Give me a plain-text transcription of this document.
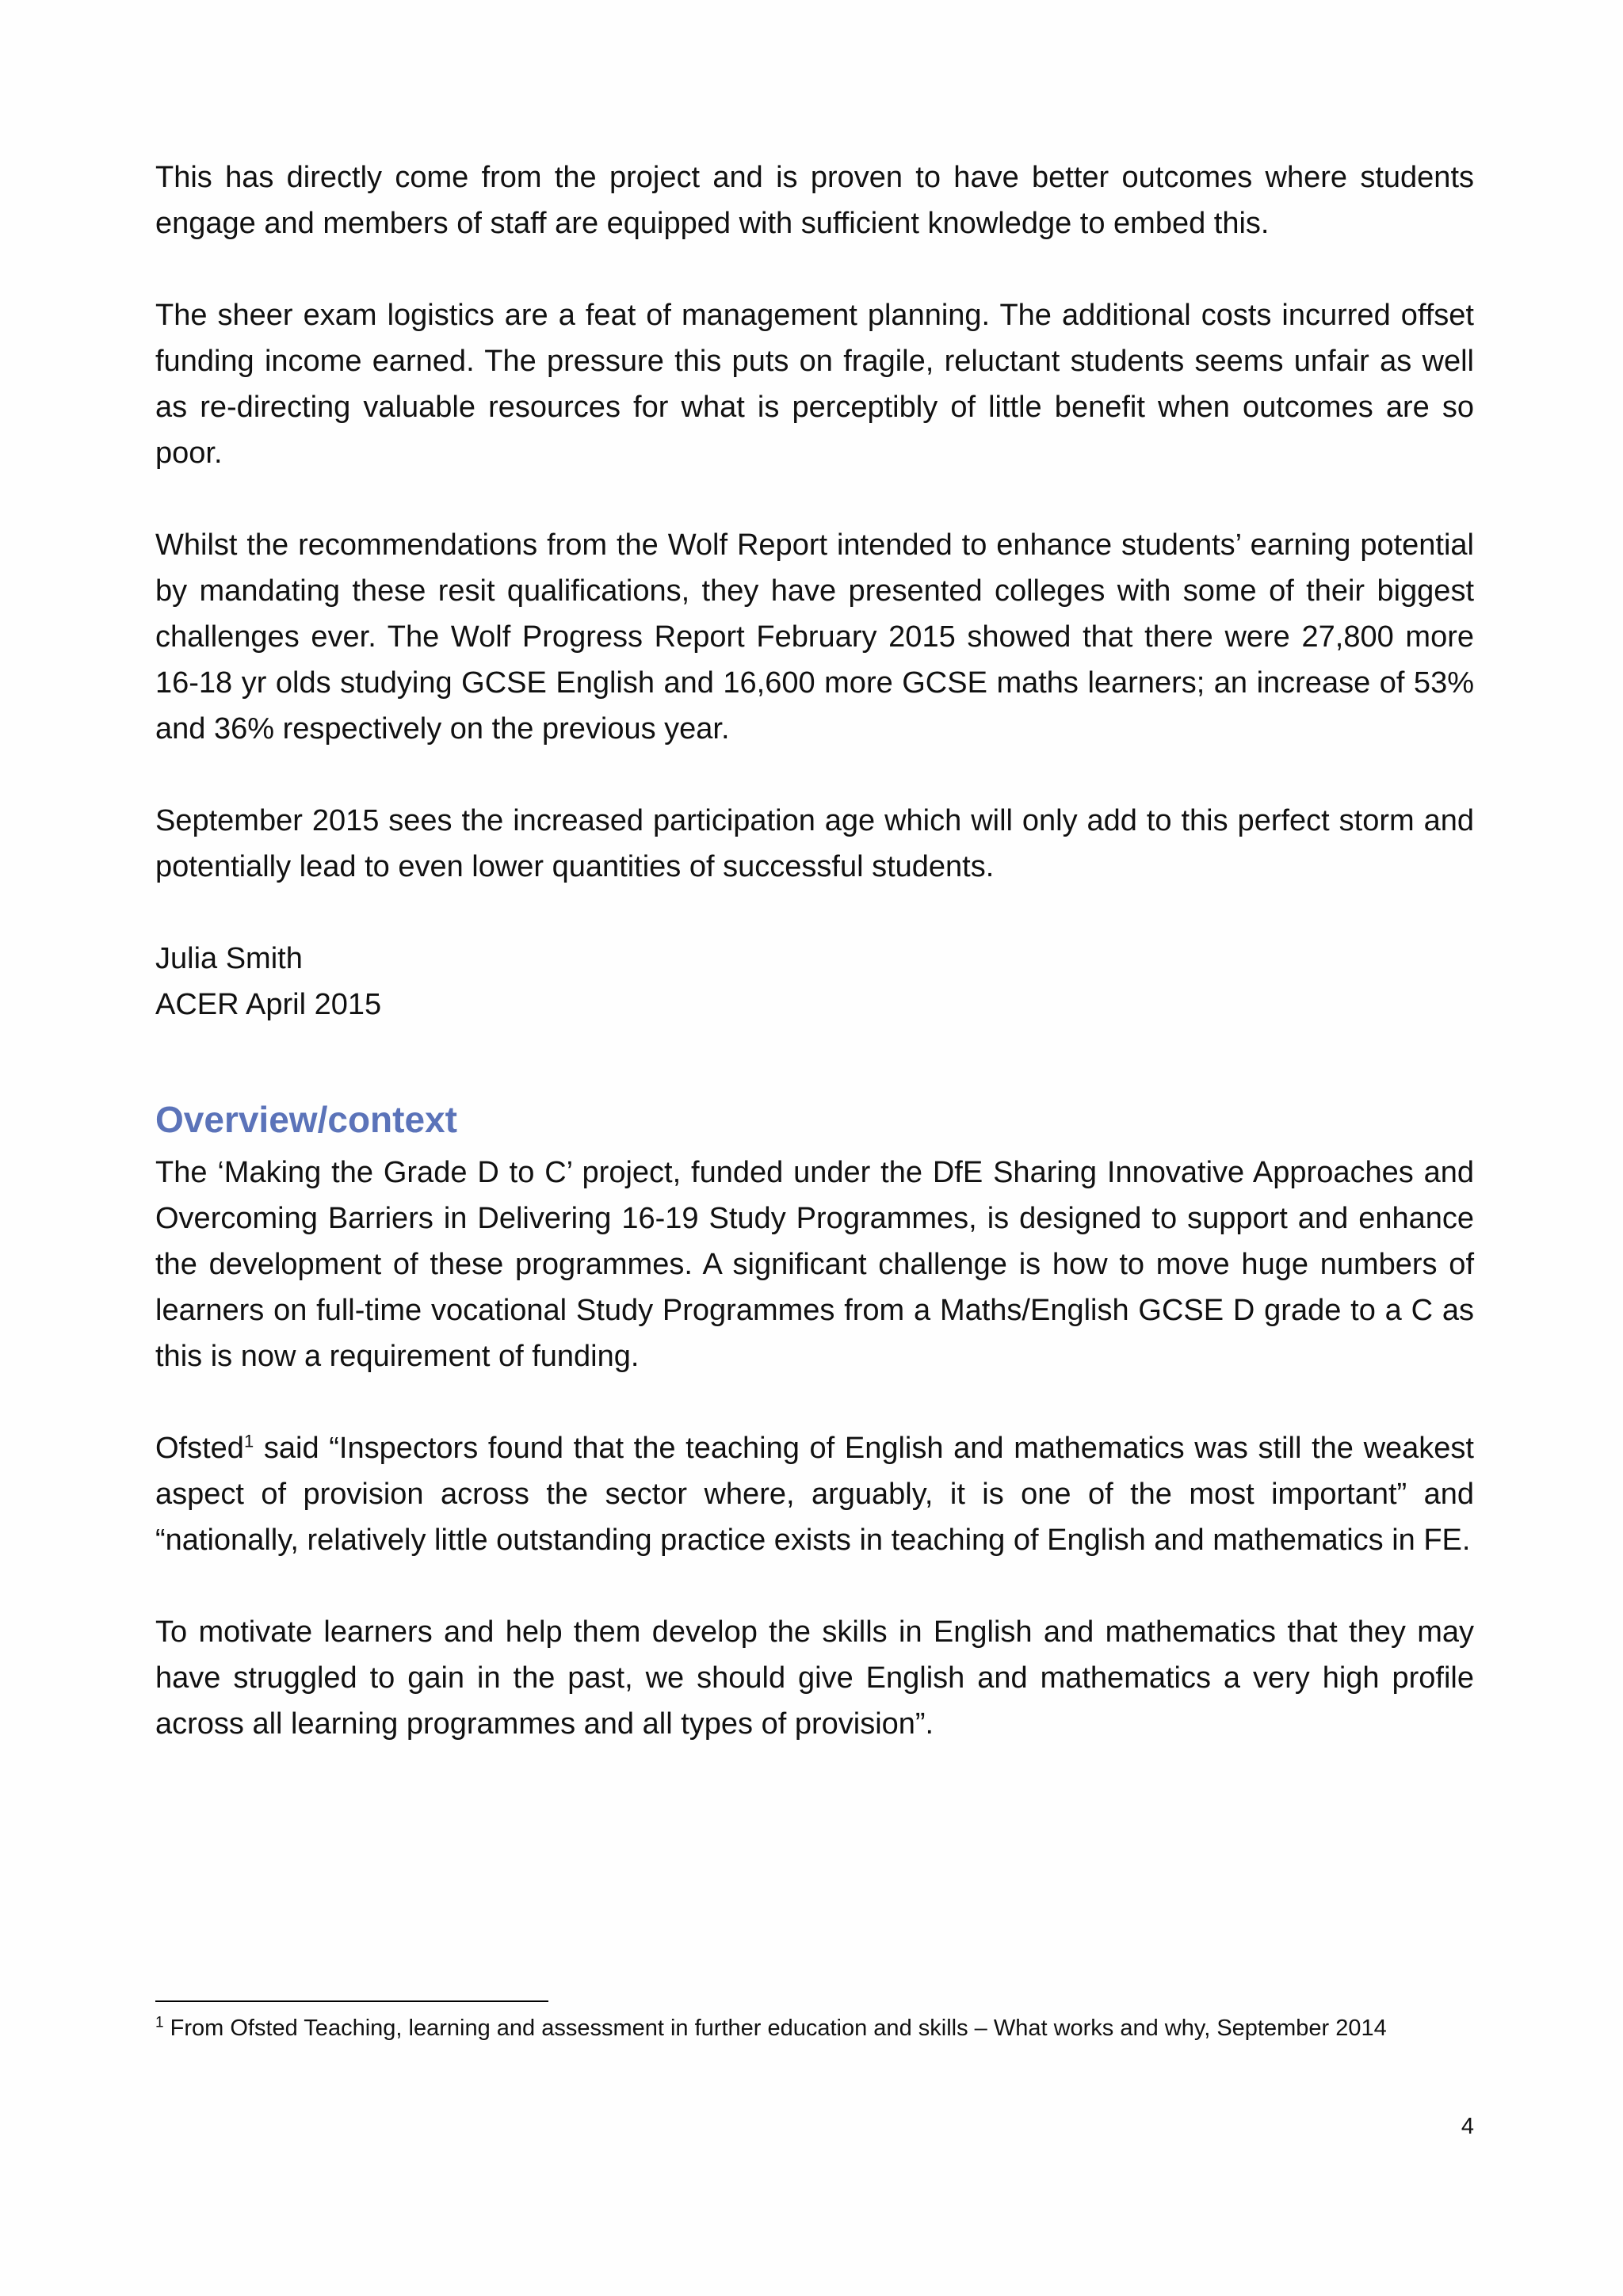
This has directly come from the project and is proven to have better outcomes where students engage and members of staff are equipped with sufficient knowledge to embed this.

The sheer exam logistics are a feat of management planning. The additional costs incurred offset funding income earned. The pressure this puts on fragile, reluctant students seems unfair as well as re-directing valuable resources for what is perceptibly of little benefit when outcomes are so poor.

Whilst the recommendations from the Wolf Report intended to enhance students’ earning potential by mandating these resit qualifications, they have presented colleges with some of their biggest challenges ever. The Wolf Progress Report February 2015 showed that there were 27,800 more 16-18 yr olds studying GCSE English and 16,600 more GCSE maths learners; an increase of 53% and 36% respectively on the previous year.

September 2015 sees the increased participation age which will only add to this perfect storm and potentially lead to even lower quantities of successful students.

Julia Smith

ACER April 2015

Overview/context

The ‘Making the Grade D to C’ project, funded under the DfE Sharing Innovative Approaches and Overcoming Barriers in Delivering 16-19 Study Programmes, is designed to support and enhance the development of these programmes. A significant challenge is how to move huge numbers of learners on full-time vocational Study Programmes from a Maths/English GCSE D grade to a C as this is now a requirement of funding.

Ofsted$^1$ said “Inspectors found that the teaching of English and mathematics was still the weakest aspect of provision across the sector where, arguably, it is one of the most important” and “nationally, relatively little outstanding practice exists in teaching of English and mathematics in FE.

To motivate learners and help them develop the skills in English and mathematics that they may have struggled to gain in the past, we should give English and mathematics a very high profile across all learning programmes and all types of provision”.

$^1$ From Ofsted Teaching, learning and assessment in further education and skills – What works and why, September 2014
4
